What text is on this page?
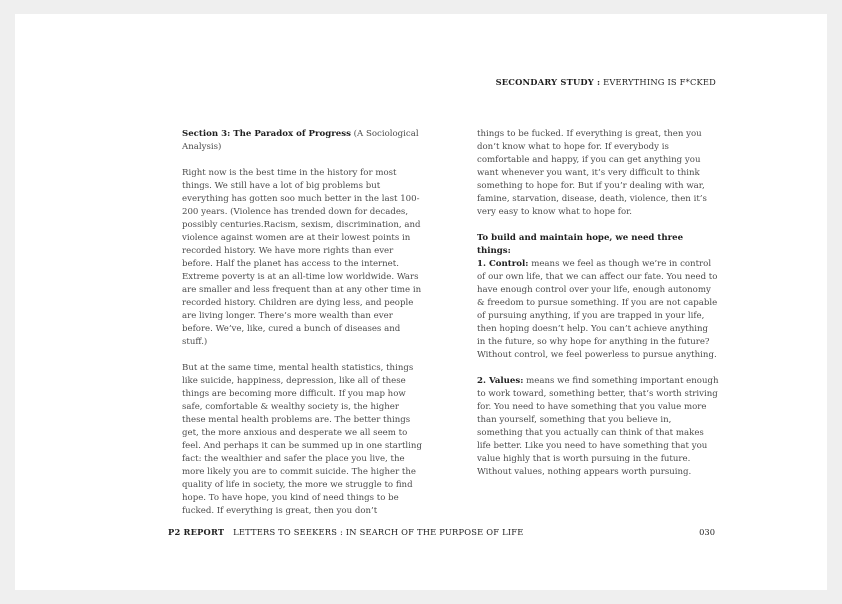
SECONDARY STUDY : EVERYTHING IS F*CKED

Section 3: The Paradox of Progress (A Sociological Analysis)

Right now is the best time in the history for most things. We still have a lot of big problems but everything has gotten soo much better in the last 100-200 years. (Violence has trended down for decades, possibly centuries.Racism, sexism, discrimination, and violence against women are at their lowest points in recorded history. We have more rights than ever before. Half the planet has access to the internet. Extreme poverty is at an all-time low worldwide. Wars are smaller and less frequent than at any other time in recorded history. Children are dying less, and people are living longer. There’s more wealth than ever before. We’ve, like, cured a bunch of diseases and stuff.)

But at the same time, mental health statistics, things like suicide, happiness, depression, like all of these things are becoming more difficult. If you map how safe, comfortable & wealthy society is, the higher these mental health problems are. The better things get, the more anxious and desperate we all seem to feel. And perhaps it can be summed up in one startling fact: the wealthier and safer the place you live, the more likely you are to commit suicide. The higher the quality of life in society, the more we struggle to find hope. To have hope, you kind of need things to be fucked. If everything is great, then you don’t

things to be fucked. If everything is great, then you don’t know what to hope for. If everybody is comfortable and happy, if you can get anything you want whenever you want, it’s very difficult to think something to hope for. But if you’r dealing with war, famine, starvation, disease, death, violence, then it’s very easy to know what to hope for.

To build and maintain hope, we need three things:
1. Control: means we feel as though we’re in control of our own life, that we can affect our fate. You need to have enough control over your life, enough autonomy & freedom to pursue something. If you are not capable of pursuing anything, if you are trapped in your life, then hoping doesn’t help. You can’t achieve anything in the future, so why hope for anything in the future? Without control, we feel powerless to pursue anything.

2. Values: means we find something important enough to work toward, something better, that’s worth striving for. You need to have something that you value more than yourself, something that you believe in, something that you actually can think of that makes life better. Like you need to have something that you value highly that is worth pursuing in the future. Without values, nothing appears worth pursuing.

P2 REPORT LETTERS TO SEEKERS : IN SEARCH OF THE PURPOSE OF LIFE	030
